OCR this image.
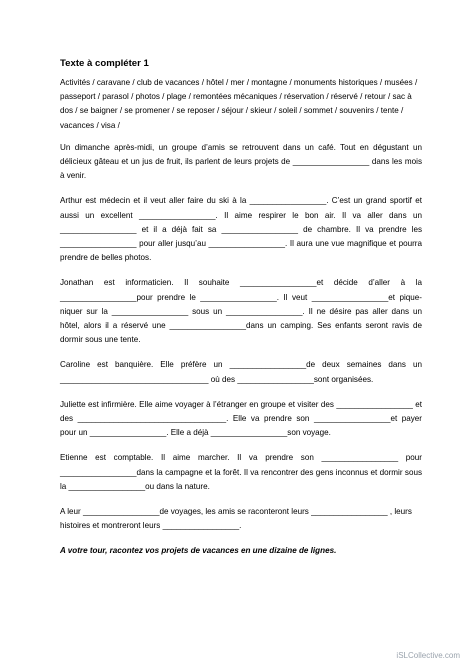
Texte à compléter 1
Activités / caravane / club de vacances / hôtel / mer / montagne / monuments historiques / musées / passeport / parasol / photos / plage / remontées mécaniques / réservation / réservé / retour / sac à dos / se baigner / se promener / se reposer / séjour / skieur / soleil / sommet / souvenirs / tente / vacances / visa /
Un dimanche après-midi, un groupe d’amis se retrouvent dans un café. Tout en dégustant un délicieux gâteau et un jus de fruit, ils parlent de leurs projets de _________________ dans les mois à venir.
Arthur est médecin et il veut aller faire du ski à la _________________. C’est un grand sportif et aussi un excellent _________________. Il aime respirer le bon air. Il va aller dans un _________________ et il a déjà fait sa _________________ de chambre. Il va prendre les _________________ pour aller jusqu’au _________________. Il aura une vue magnifique et pourra prendre de belles photos.
Jonathan est informaticien. Il souhaite _________________et décide d’aller à la _________________pour prendre le _________________. Il veut _________________et pique-niquer sur la _________________ sous un _________________. Il ne désire pas aller dans un hôtel, alors il a réservé une _________________dans un camping. Ses enfants seront ravis de dormir sous une tente.
Caroline est banquière. Elle préfère un _________________de deux semaines dans un _________________________________ où des _________________sont organisées.
Juliette est infirmière. Elle aime voyager à l’étranger en groupe et visiter des _________________ et des _________________________________. Elle va prendre son _________________et payer pour un _________________. Elle a déjà _________________son voyage.
Etienne est comptable. Il aime marcher. Il va prendre son _________________ pour _________________dans la campagne et la forêt. Il va rencontrer des gens inconnus et dormir sous la _________________ou dans la nature.
A leur _________________de voyages, les amis se raconteront leurs _________________ , leurs histoires et montreront leurs _________________.
A votre tour, racontez vos projets de vacances en une dizaine de lignes.
iSLCollective.com
